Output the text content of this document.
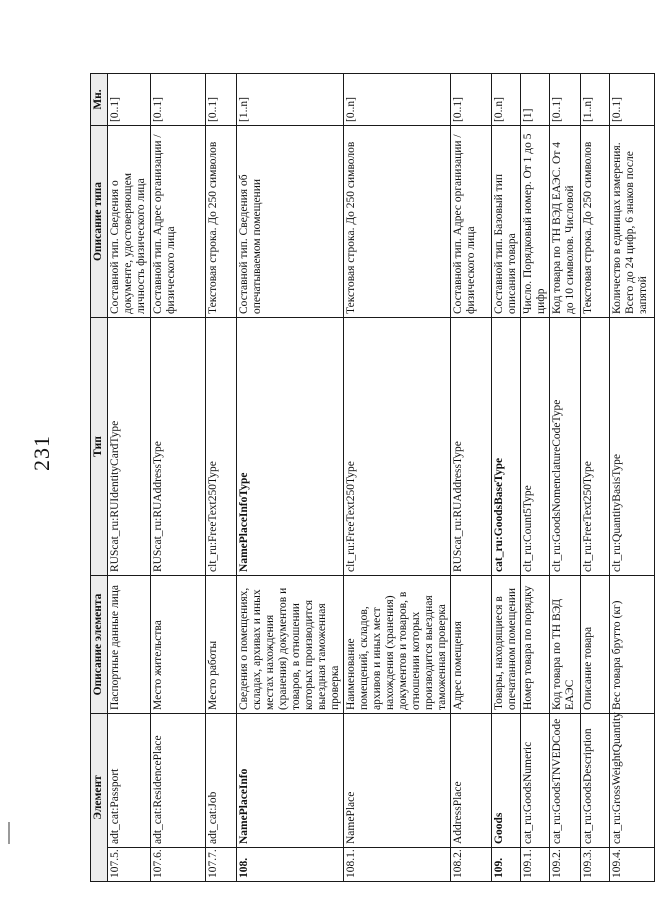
231
Элемент		Описание элемента	Тип	Описание типа	Мн.
107.5.	adt_cat:Passport	Паспортные данные лица	RUScat_ru:RUIdentityCardType	Составной тип. Сведения о документе, удостоверяющем личность физического лица	[0..1]
107.6.	adt_cat:ResidencePlace	Место жительства	RUScat_ru:RUAddressType	Составной тип. Адрес организации / физического лица	[0..1]
107.7.	adt_cat:Job	Место работы	clt_ru:FreeText250Type	Текстовая строка. До 250 символов	[0..1]
108.	NamePlaceInfo	Сведения о помещениях, складах, архивах и иных местах нахождения (хранения) документов и товаров, в отношении которых производится выездная таможенная проверка	NamePlaceInfoType	Составной тип. Сведения об опечатываемом помещении	[1..n]
108.1.	NamePlace	Наименование помещений, складов, архивов и иных мест нахождения (хранения) документов и товаров, в отношении которых производится выездная таможенная проверка	clt_ru:FreeText250Type	Текстовая строка. До 250 символов	[0..n]
108.2.	AddressPlace	Адрес помещения	RUScat_ru:RUAddressType	Составной тип. Адрес организации / физического лица	[0..1]
109.	Goods	Товары, находящиеся в опечатанном помещении	cat_ru:GoodsBaseType	Составной тип. Базовый тип описания товара	[0..n]
109.1.	cat_ru:GoodsNumeric	Номер товара по порядку	clt_ru:Count5Type	Число. Порядковый номер. От 1 до 5 цифр	[1]
109.2.	cat_ru:GoodsTNVEDCode	Код товара по ТН ВЭД ЕАЭС	clt_ru:GoodsNomenclatureCodeType	Код товара по ТН ВЭД ЕАЭС. От 4 до 10 символов. Числовой	[0..1]
109.3.	cat_ru:GoodsDescription	Описание товара	clt_ru:FreeText250Type	Текстовая строка. До 250 символов	[1..n]
109.4.	cat_ru:GrossWeightQuantity	Вес товара брутто (кг)	clt_ru:QuantityBasisType	Количество в единицах измерения. Всего до 24 цифр, 6 знаков после запятой	[0..1]
